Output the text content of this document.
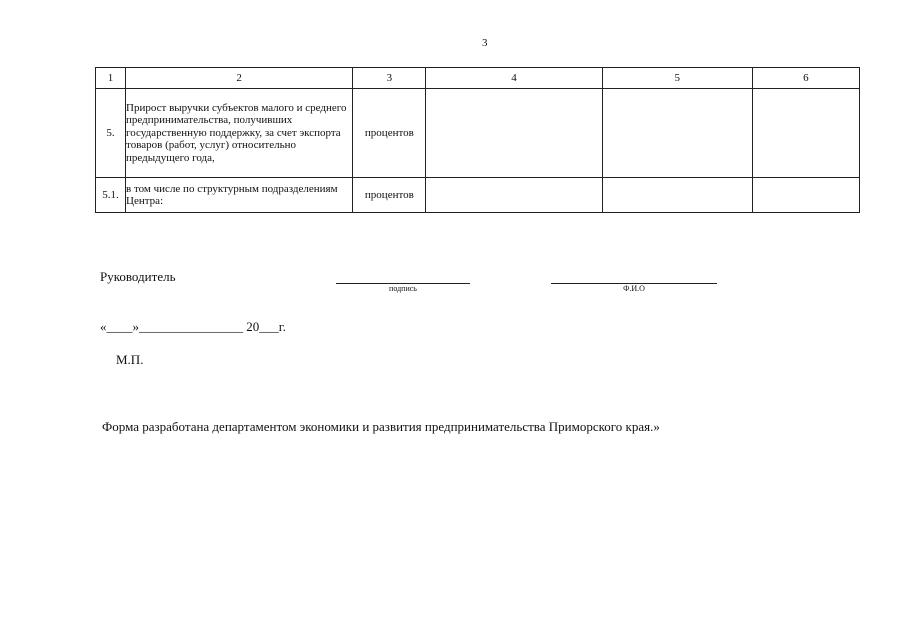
3
1	2	3	4	5	6
5.	Прирост выручки субъектов малого и среднего предпринимательства, получивших государственную поддержку, за счет экспорта товаров (работ, услуг) относительно предыдущего года,	процентов			
5.1.	в том числе по структурным подразделениям Центра:	процентов			
Руководитель
подпись	Ф.И.О
«____»________________ 20___г.
М.П.
Форма разработана департаментом экономики и развития предпринимательства Приморского края.»
